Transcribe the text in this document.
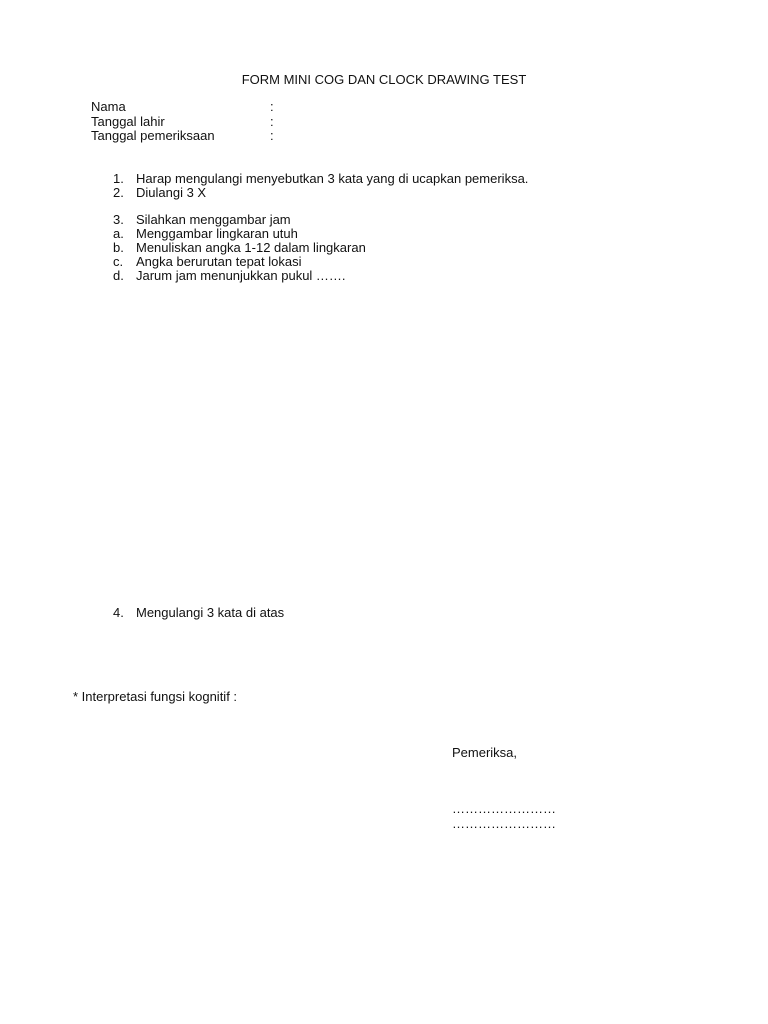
FORM MINI COG DAN CLOCK DRAWING TEST
Nama	:
Tanggal lahir	:
Tanggal pemeriksaan	:
1. Harap mengulangi menyebutkan 3 kata yang di ucapkan pemeriksa.
2. Diulangi 3 X
3. Silahkan menggambar jam
a. Menggambar lingkaran utuh
b. Menuliskan angka 1-12 dalam lingkaran
c. Angka berurutan tepat lokasi
d. Jarum jam menunjukkan pukul …….
4. Mengulangi 3 kata di atas
* Interpretasi fungsi kognitif :
Pemeriksa,
……………………
……………………
